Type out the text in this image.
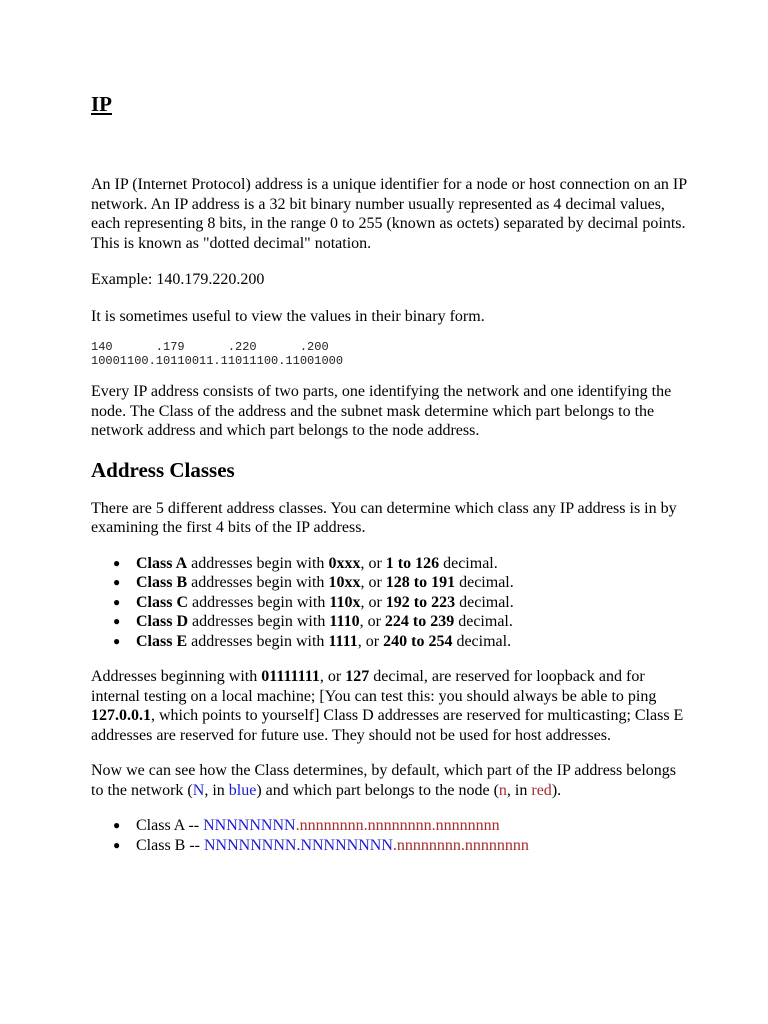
IP

An IP (Internet Protocol) address is a unique identifier for a node or host connection on an IP network. An IP address is a 32 bit binary number usually represented as 4 decimal values, each representing 8 bits, in the range 0 to 255 (known as octets) separated by decimal points. This is known as "dotted decimal" notation.

Example: 140.179.220.200

It is sometimes useful to view the values in their binary form.

140      .179      .220      .200
10001100.10110011.11011100.11001000

Every IP address consists of two parts, one identifying the network and one identifying the node. The Class of the address and the subnet mask determine which part belongs to the network address and which part belongs to the node address.

Address Classes

There are 5 different address classes. You can determine which class any IP address is in by examining the first 4 bits of the IP address.

● Class A addresses begin with 0xxx, or 1 to 126 decimal.
● Class B addresses begin with 10xx, or 128 to 191 decimal.
● Class C addresses begin with 110x, or 192 to 223 decimal.
● Class D addresses begin with 1110, or 224 to 239 decimal.
● Class E addresses begin with 1111, or 240 to 254 decimal.

Addresses beginning with 01111111, or 127 decimal, are reserved for loopback and for internal testing on a local machine; [You can test this: you should always be able to ping 127.0.0.1, which points to yourself] Class D addresses are reserved for multicasting; Class E addresses are reserved for future use. They should not be used for host addresses.

Now we can see how the Class determines, by default, which part of the IP address belongs to the network (N, in blue) and which part belongs to the node (n, in red).

● Class A -- NNNNNNNN.nnnnnnnn.nnnnnnnn.nnnnnnnn
● Class B -- NNNNNNNN.NNNNNNNN.nnnnnnnn.nnnnnnnn
